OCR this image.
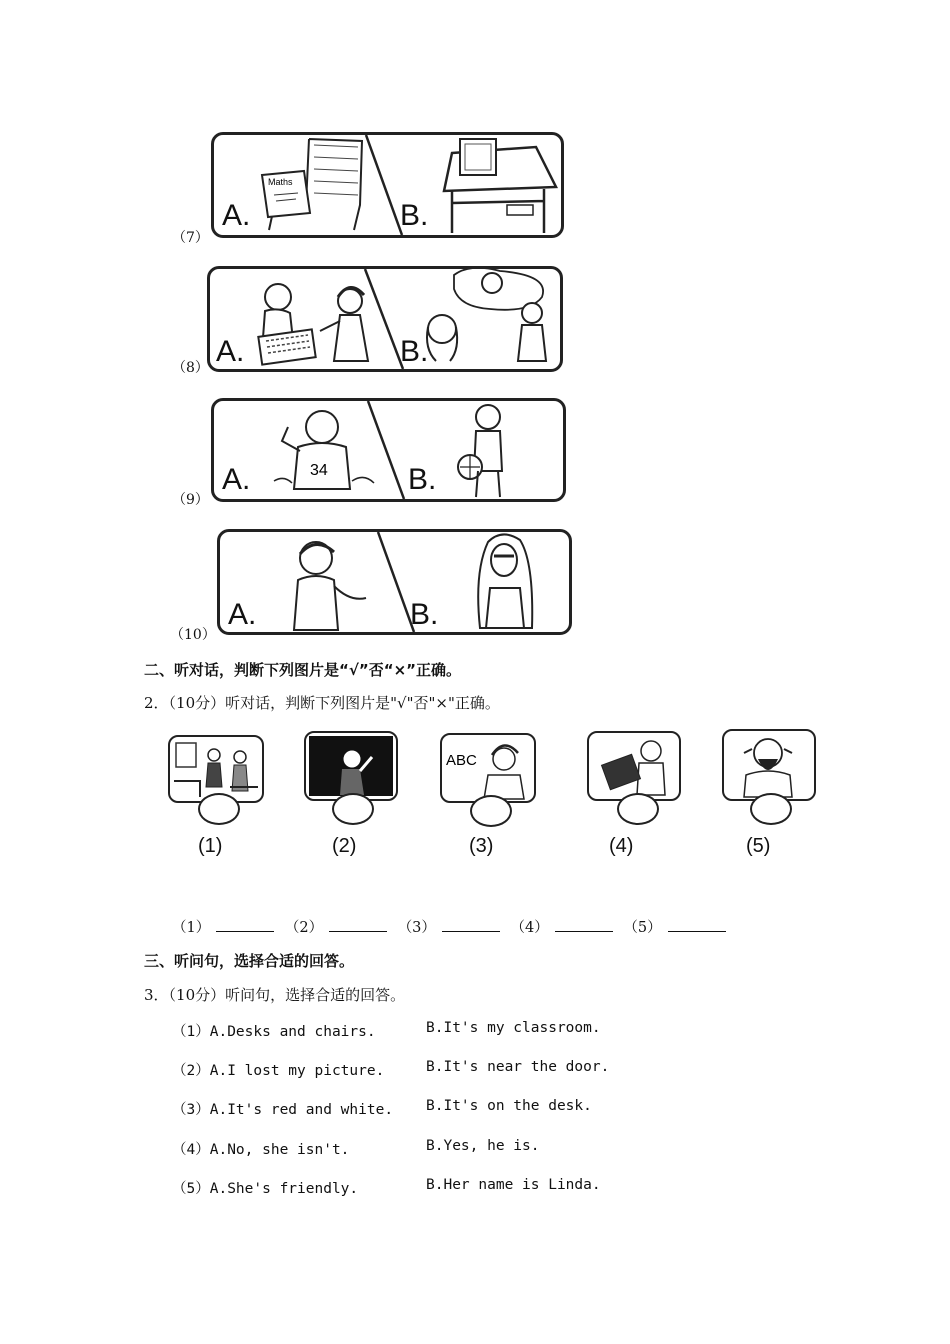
Maths
A.	B.
（7）
A.	B.
（8）
34
A.	B.
（9）
A.	B.
（10）
二、听对话，判断下列图片是“√”否“×”正确。
2．（10分）听对话，判断下列图片是"√"否"×"正确。
(1)	(2)
ABC
(3)	(4)	(5)
（1）	（2）	（3）	（4）	（5）
三、听问句，选择合适的回答。
3．（10分）听问句，选择合适的回答。
（1）A.Desks and chairs.	B.It's my classroom.
（2）A.I lost my picture.	B.It's near the door.
（3）A.It's red and white. B.It's on the desk.
（4）A.No, she isn't.	B.Yes, he is.
（5）A.She's friendly.	B.Her name is Linda.
